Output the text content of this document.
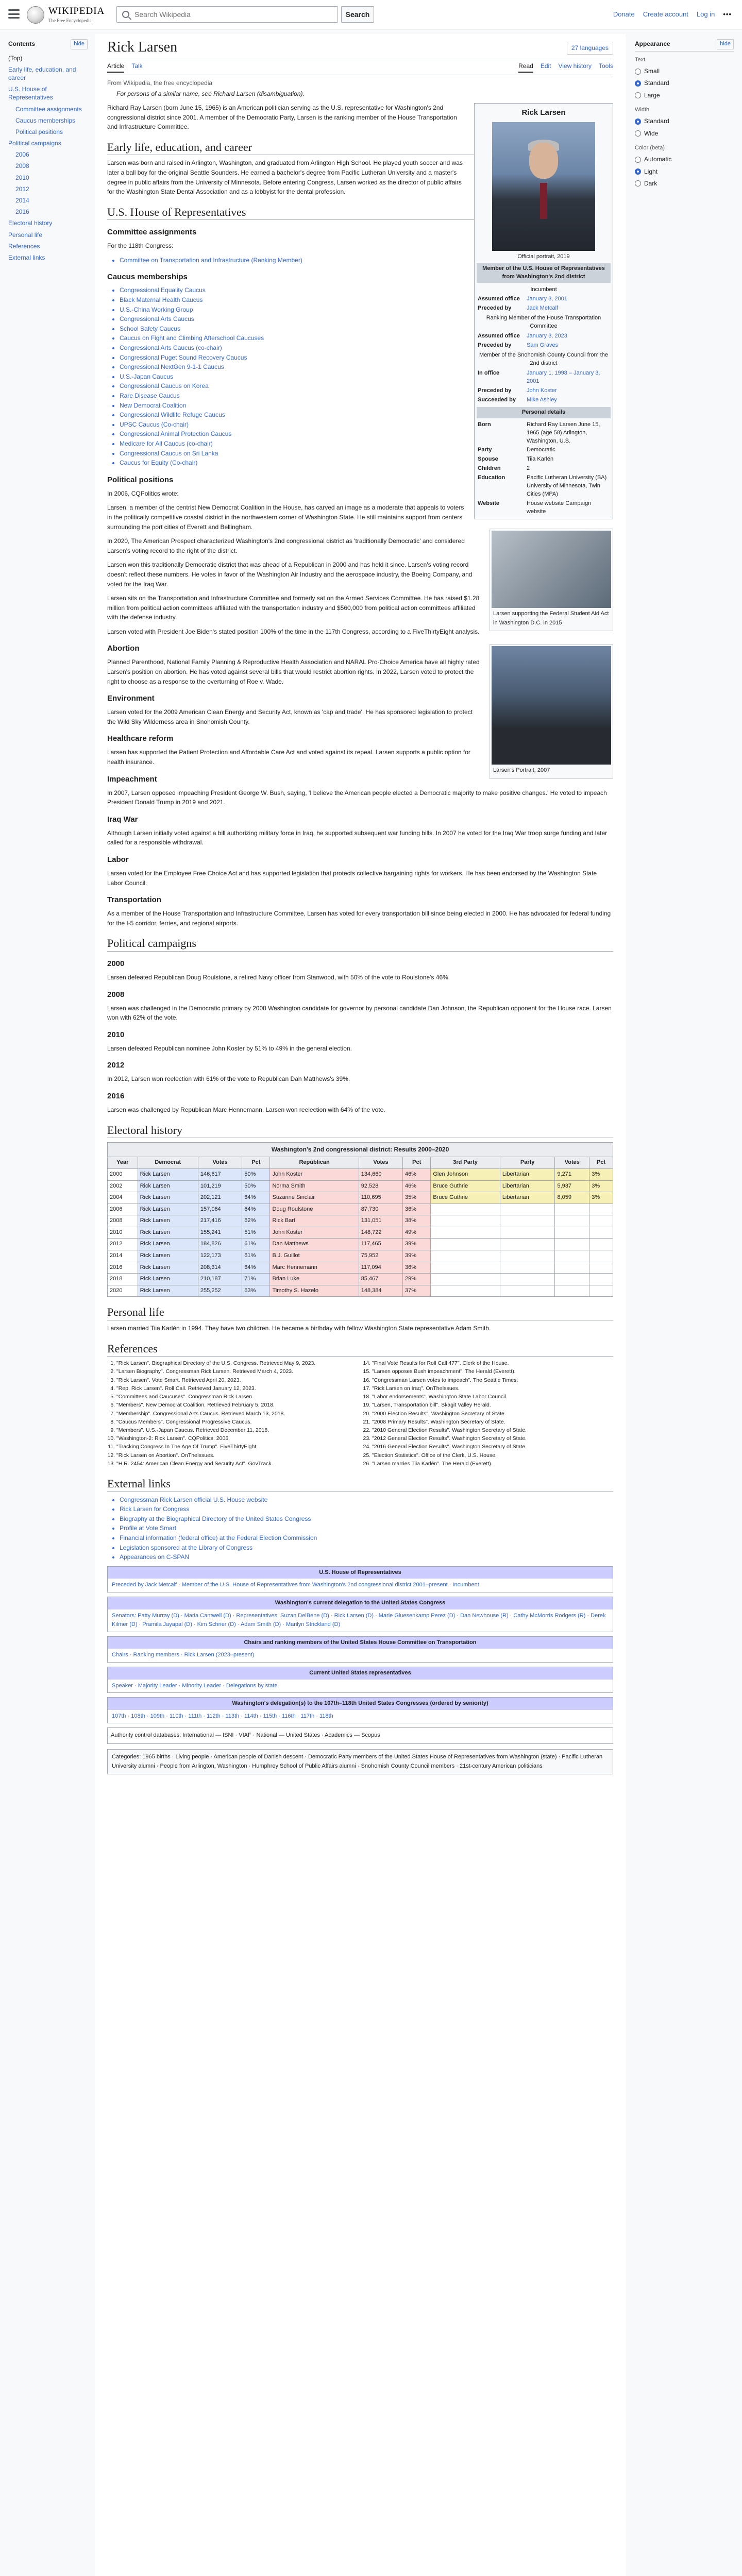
WIKIPEDIA
The Free Encyclopedia
Search Wikipedia
Search	Donate Create account Log in •••
Contents	hide
(Top)
Early life, education, and career
U.S. House of Representatives
Committee assignments
Caucus memberships
Political positions
Political campaigns
2006
2008
2010
2012
2014
2016
Electoral history
Personal life
References
External links
Rick Larsen	27 languages
Article Talk	Read Edit View history Tools
From Wikipedia, the free encyclopedia
For persons of a similar name, see Richard Larsen (disambiguation).
Rick Larsen
Official portrait, 2019
Member of the U.S. House of Representatives from Washington's 2nd district
Incumbent
Assumed office	January 3, 2001
Preceded by	Jack Metcalf
Ranking Member of the House Transportation Committee
Assumed office	January 3, 2023
Preceded by	Sam Graves
Member of the Snohomish County Council from the 2nd district
In office	January 1, 1998 – January 3, 2001
Preceded by	John Koster
Succeeded by	Mike Ashley
Personal details
Born	Richard Ray Larsen June 15, 1965 (age 58) Arlington, Washington, U.S.
Party	Democratic
Spouse	Tiia Karlén
Children	2
Education	Pacific Lutheran University (BA) University of Minnesota, Twin Cities (MPA)
Website	House website Campaign website

Richard Ray Larsen (born June 15, 1965) is an American politician serving as the U.S. representative for Washington's 2nd congressional district since 2001. A member of the Democratic Party, Larsen is the ranking member of the House Transportation and Infrastructure Committee.

Early life, education, and career

Larsen was born and raised in Arlington, Washington, and graduated from Arlington High School. He played youth soccer and was later a ball boy for the original Seattle Sounders. He earned a bachelor's degree from Pacific Lutheran University and a master's degree in public affairs from the University of Minnesota. Before entering Congress, Larsen worked as the director of public affairs for the Washington State Dental Association and as a lobbyist for the dental profession.

U.S. House of Representatives
Committee assignments

For the 118th Congress:

• Committee on Transportation and Infrastructure (Ranking Member)
Caucus memberships
• Congressional Equality Caucus
• Black Maternal Health Caucus
• U.S.-China Working Group
• Congressional Arts Caucus
• School Safety Caucus
• Caucus on Fight and Climbing Afterschool Caucuses
• Congressional Arts Caucus (co-chair)
• Congressional Puget Sound Recovery Caucus
• Congressional NextGen 9-1-1 Caucus
• U.S.-Japan Caucus
• Congressional Caucus on Korea
• Rare Disease Caucus
• New Democrat Coalition
• Congressional Wildlife Refuge Caucus
• UPSC Caucus (Co-chair)
• Congressional Animal Protection Caucus
• Medicare for All Caucus (co-chair)
• Congressional Caucus on Sri Lanka
• Caucus for Equity (Co-chair)
Political positions
Larsen supporting the Federal Student Aid Act in Washington D.C. in 2015

In 2006, CQPolitics wrote:

Larsen, a member of the centrist New Democrat Coalition in the House, has carved an image as a moderate that appeals to voters in the politically competitive coastal district in the northwestern corner of Washington State. He still maintains support from centers surrounding the port cities of Everett and Bellingham.

In 2020, The American Prospect characterized Washington's 2nd congressional district as 'traditionally Democratic' and considered Larsen's voting record to the right of the district.

Larsen won this traditionally Democratic district that was ahead of a Republican in 2000 and has held it since. Larsen's voting record doesn't reflect these numbers. He votes in favor of the Washington Air Industry and the aerospace industry, the Boeing Company, and voted for the Iraq War.

Larsen sits on the Transportation and Infrastructure Committee and formerly sat on the Armed Services Committee. He has raised $1.28 million from political action committees affiliated with the transportation industry and $560,000 from political action committees affiliated with the defense industry.

Larsen voted with President Joe Biden's stated position 100% of the time in the 117th Congress, according to a FiveThirtyEight analysis.

Larsen's Portrait, 2007
Abortion

Planned Parenthood, National Family Planning & Reproductive Health Association and NARAL Pro-Choice America have all highly rated Larsen's position on abortion. He has voted against several bills that would restrict abortion rights. In 2022, Larsen voted to protect the right to choose as a response to the overturning of Roe v. Wade.

Environment

Larsen voted for the 2009 American Clean Energy and Security Act, known as 'cap and trade'. He has sponsored legislation to protect the Wild Sky Wilderness area in Snohomish County.

Healthcare reform

Larsen has supported the Patient Protection and Affordable Care Act and voted against its repeal. Larsen supports a public option for health insurance.

Impeachment

In 2007, Larsen opposed impeaching President George W. Bush, saying, 'I believe the American people elected a Democratic majority to make positive changes.' He voted to impeach President Donald Trump in 2019 and 2021.

Iraq War

Although Larsen initially voted against a bill authorizing military force in Iraq, he supported subsequent war funding bills. In 2007 he voted for the Iraq War troop surge funding and later called for a responsible withdrawal.

Labor

Larsen voted for the Employee Free Choice Act and has supported legislation that protects collective bargaining rights for workers. He has been endorsed by the Washington State Labor Council.

Transportation

As a member of the House Transportation and Infrastructure Committee, Larsen has voted for every transportation bill since being elected in 2000. He has advocated for federal funding for the I-5 corridor, ferries, and regional airports.

Political campaigns
2000

Larsen defeated Republican Doug Roulstone, a retired Navy officer from Stanwood, with 50% of the vote to Roulstone's 46%.

2008

Larsen was challenged in the Democratic primary by 2008 Washington candidate for governor by personal candidate Dan Johnson, the Republican opponent for the House race. Larsen won with 62% of the vote.

2010

Larsen defeated Republican nominee John Koster by 51% to 49% in the general election.

2012

In 2012, Larsen won reelection with 61% of the vote to Republican Dan Matthews's 39%.

2016

Larsen was challenged by Republican Marc Hennemann. Larsen won reelection with 64% of the vote.

Electoral history
Washington's 2nd congressional district: Results 2000–2020
Year	Democrat	Votes	Pct	Republican	Votes	Pct	3rd Party	Party	Votes	Pct
2000	Rick Larsen	146,617	50%	John Koster	134,660	46%	Glen Johnson	Libertarian	9,271	3%
2002	Rick Larsen	101,219	50%	Norma Smith	92,528	46%	Bruce Guthrie	Libertarian	5,937	3%
2004	Rick Larsen	202,121	64%	Suzanne Sinclair	110,695	35%	Bruce Guthrie	Libertarian	8,059	3%
2006	Rick Larsen	157,064	64%	Doug Roulstone	87,730	36%				
2008	Rick Larsen	217,416	62%	Rick Bart	131,051	38%				
2010	Rick Larsen	155,241	51%	John Koster	148,722	49%				
2012	Rick Larsen	184,826	61%	Dan Matthews	117,465	39%				
2014	Rick Larsen	122,173	61%	B.J. Guillot	75,952	39%				
2016	Rick Larsen	208,314	64%	Marc Hennemann	117,094	36%				
2018	Rick Larsen	210,187	71%	Brian Luke	85,467	29%				
2020	Rick Larsen	255,252	63%	Timothy S. Hazelo	148,384	37%				
Personal life

Larsen married Tiia Karlén in 1994. They have two children. He became a birthday with fellow Washington State representative Adam Smith.

References
1. "Rick Larsen". Biographical Directory of the U.S. Congress. Retrieved May 9, 2023.
2. "Larsen Biography". Congressman Rick Larsen. Retrieved March 4, 2023.
3. "Rick Larsen". Vote Smart. Retrieved April 20, 2023.
4. "Rep. Rick Larsen". Roll Call. Retrieved January 12, 2023.
5. "Committees and Caucuses". Congressman Rick Larsen.
6. "Members". New Democrat Coalition. Retrieved February 5, 2018.
7. "Membership". Congressional Arts Caucus. Retrieved March 13, 2018.
8. "Caucus Members". Congressional Progressive Caucus.
9. "Members". U.S.-Japan Caucus. Retrieved December 11, 2018.
10. "Washington-2: Rick Larsen". CQPolitics. 2006.
11. "Tracking Congress In The Age Of Trump". FiveThirtyEight.
12. "Rick Larsen on Abortion". OnTheIssues.
13. "H.R. 2454: American Clean Energy and Security Act". GovTrack.
14. "Final Vote Results for Roll Call 477". Clerk of the House.
15. "Larsen opposes Bush impeachment". The Herald (Everett).
16. "Congressman Larsen votes to impeach". The Seattle Times.
17. "Rick Larsen on Iraq". OnTheIssues.
18. "Labor endorsements". Washington State Labor Council.
19. "Larsen, Transportation bill". Skagit Valley Herald.
20. "2000 Election Results". Washington Secretary of State.
21. "2008 Primary Results". Washington Secretary of State.
22. "2010 General Election Results". Washington Secretary of State.
23. "2012 General Election Results". Washington Secretary of State.
24. "2016 General Election Results". Washington Secretary of State.
25. "Election Statistics". Office of the Clerk, U.S. House.
26. "Larsen marries Tiia Karlén". The Herald (Everett).
External links
• Congressman Rick Larsen official U.S. House website
• Rick Larsen for Congress
• Biography at the Biographical Directory of the United States Congress
• Profile at Vote Smart
• Financial information (federal office) at the Federal Election Commission
• Legislation sponsored at the Library of Congress
• Appearances on C-SPAN
U.S. House of Representatives
Preceded by Jack Metcalf · Member of the U.S. House of Representatives from Washington's 2nd congressional district 2001–present · Incumbent
Washington's current delegation to the United States Congress
Senators: Patty Murray (D) · Maria Cantwell (D) · Representatives: Suzan DelBene (D) · Rick Larsen (D) · Marie Gluesenkamp Perez (D) · Dan Newhouse (R) · Cathy McMorris Rodgers (R) · Derek Kilmer (D) · Pramila Jayapal (D) · Kim Schrier (D) · Adam Smith (D) · Marilyn Strickland (D)
Chairs and ranking members of the United States House Committee on Transportation
Chairs · Ranking members · Rick Larsen (2023–present)
Current United States representatives
Speaker · Majority Leader · Minority Leader · Delegations by state
Washington's delegation(s) to the 107th–118th United States Congresses (ordered by seniority)
107th · 108th · 109th · 110th · 111th · 112th · 113th · 114th · 115th · 116th · 117th · 118th
Authority control databases: International — ISNI · VIAF · National — United States · Academics — Scopus
Categories: 1965 births · Living people · American people of Danish descent · Democratic Party members of the United States House of Representatives from Washington (state) · Pacific Lutheran University alumni · People from Arlington, Washington · Humphrey School of Public Affairs alumni · Snohomish County Council members · 21st-century American politicians
Appearance	hide
Text
Small
Standard
Large
Width
Standard
Wide
Color (beta)
Automatic
Light
Dark
